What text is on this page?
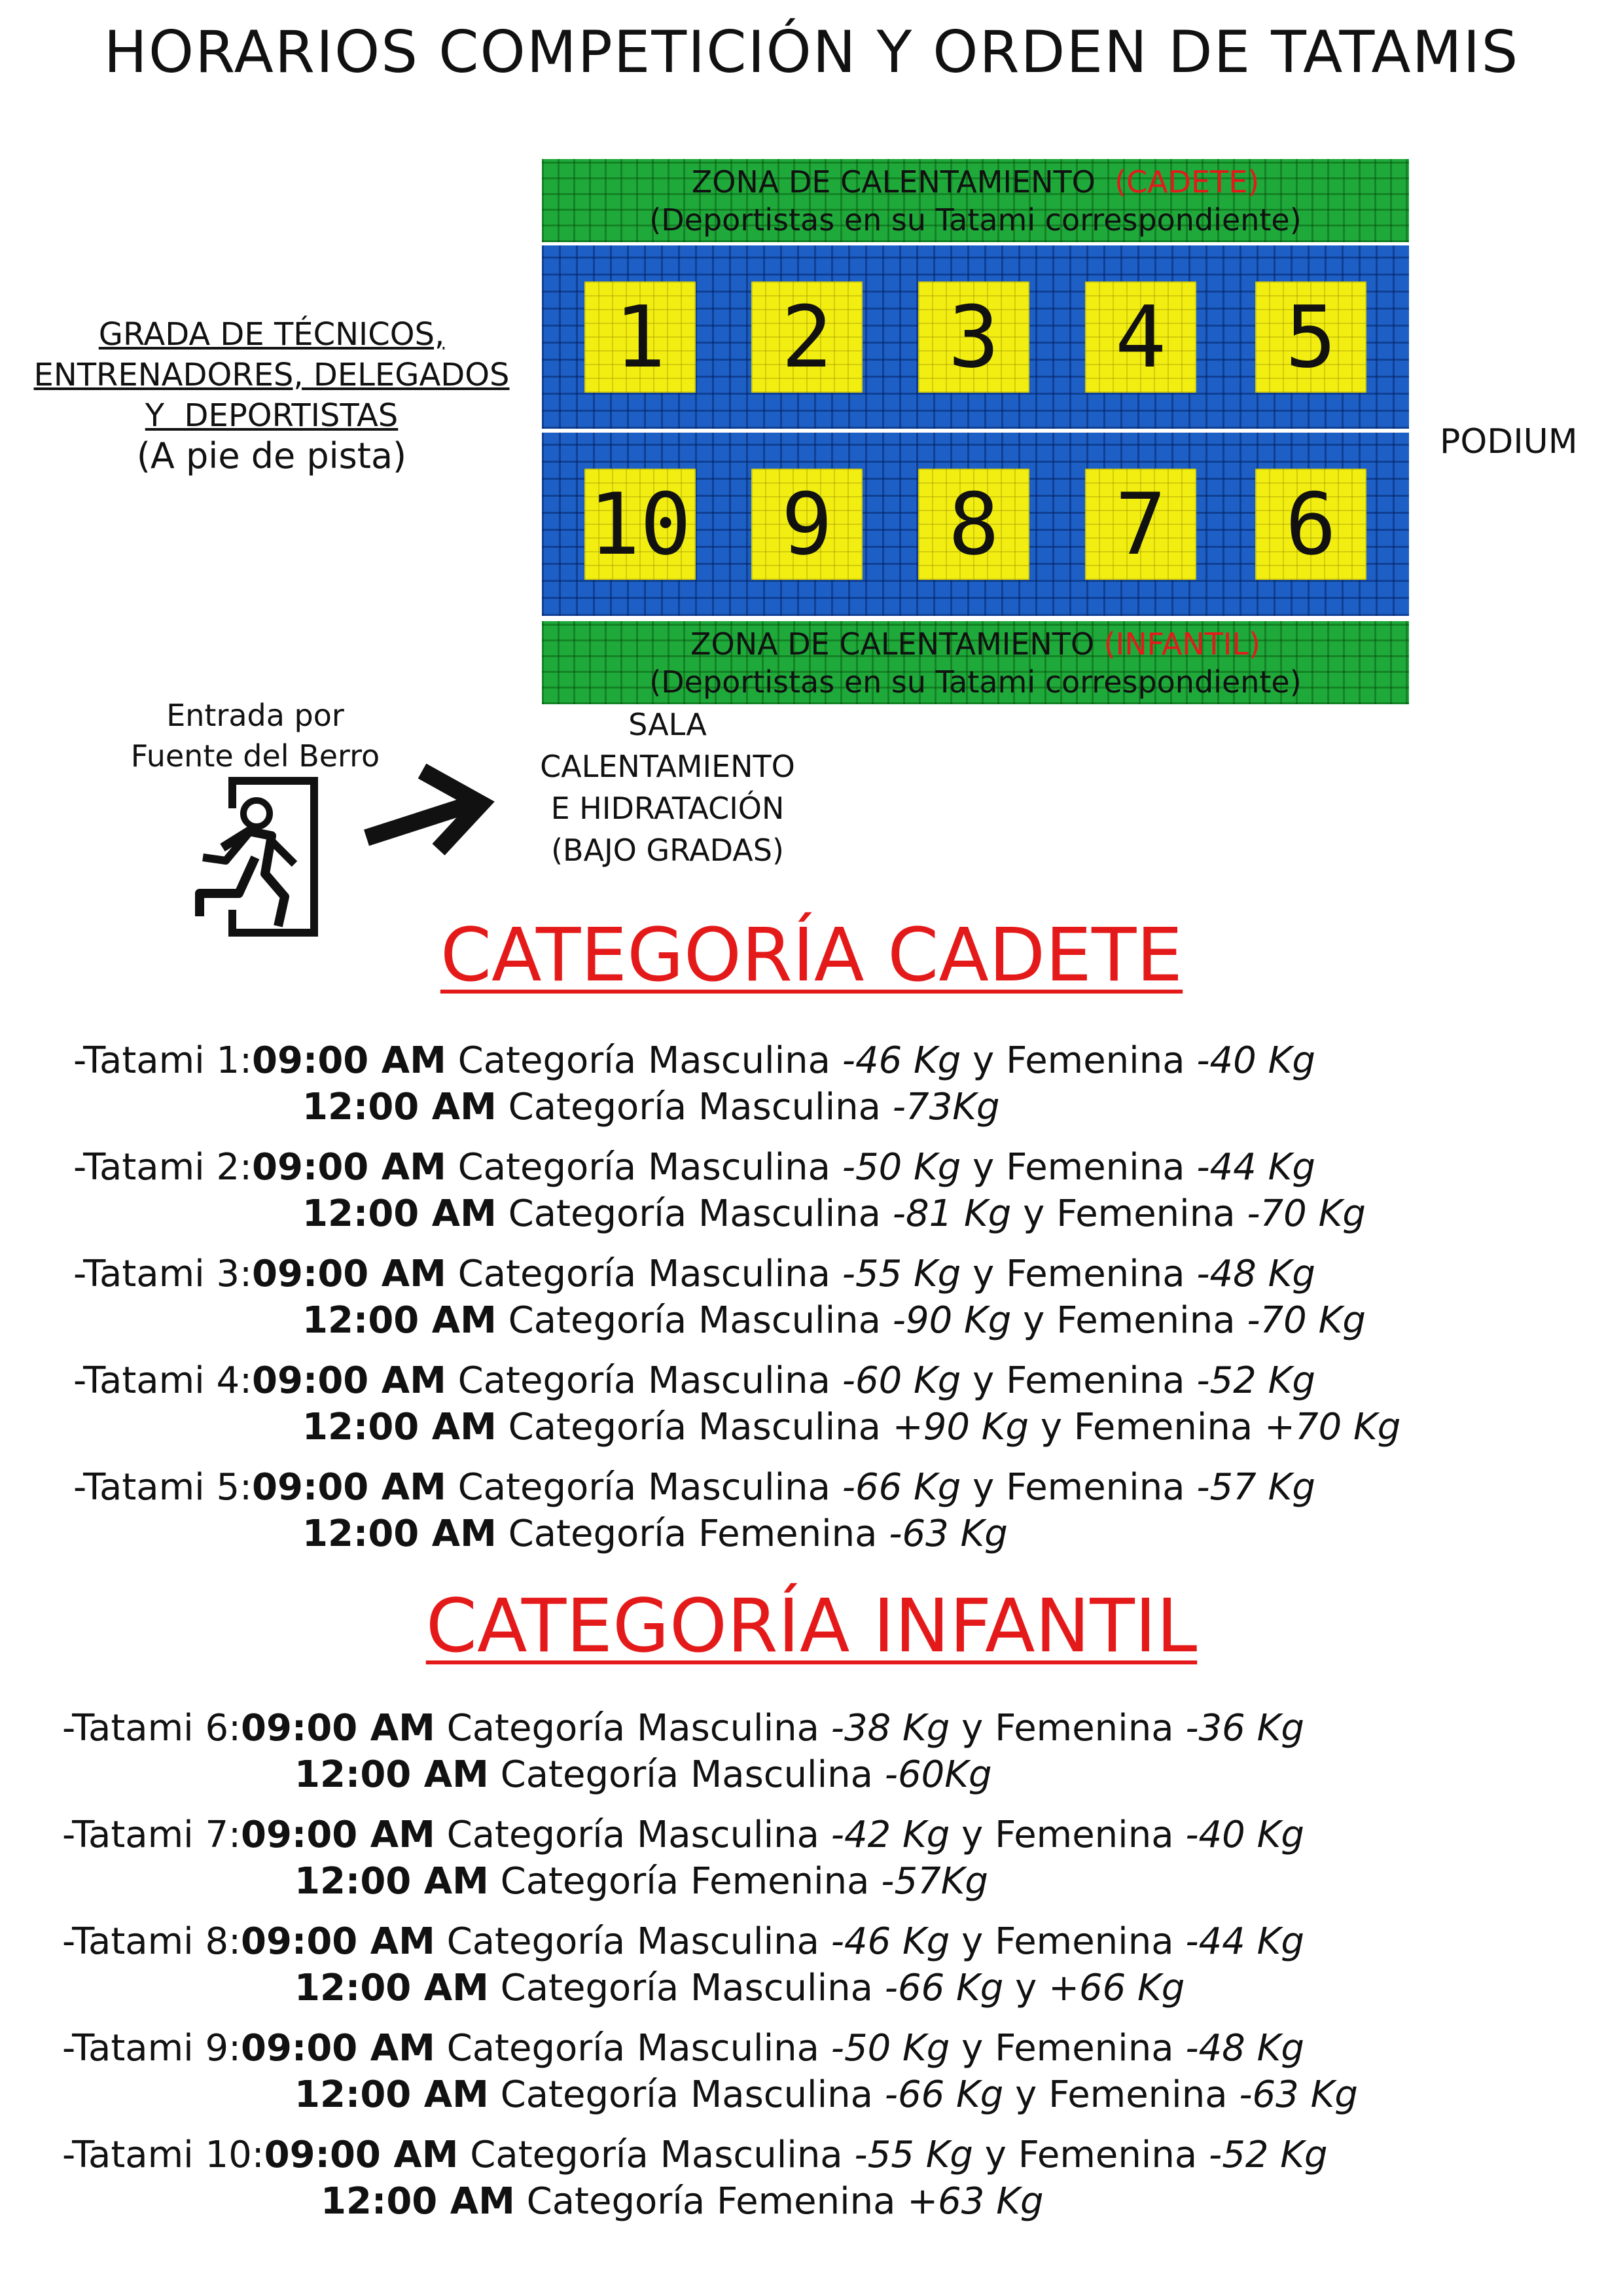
HORARIOS COMPETICIÓN Y ORDEN DE TATAMIS
ZONA DE CALENTAMIENTO (CADETE)
(Deportistas en su Tatami correspondiente)
1	2	3	4	5
10	9	8	7	6
ZONA DE CALENTAMIENTO (INFANTIL)
(Deportistas en su Tatami correspondiente)
GRADA DE TÉCNICOS,
ENTRENADORES, DELEGADOS
Y  DEPORTISTAS
(A pie de pista)	PODIUM
Entrada por
Fuente del Berro
SALA
CALENTAMIENTO
E HIDRATACIÓN
(BAJO GRADAS)
CATEGORÍA CADETE
-Tatami 1:09:00 AM Categoría Masculina -46 Kg y Femenina -40 Kg
12:00 AM Categoría Masculina -73Kg
-Tatami 2:09:00 AM Categoría Masculina -50 Kg y Femenina -44 Kg
12:00 AM Categoría Masculina -81 Kg y Femenina -70 Kg
-Tatami 3:09:00 AM Categoría Masculina -55 Kg y Femenina -48 Kg
12:00 AM Categoría Masculina -90 Kg y Femenina -70 Kg
-Tatami 4:09:00 AM Categoría Masculina -60 Kg y Femenina -52 Kg
12:00 AM Categoría Masculina +90 Kg y Femenina +70 Kg
-Tatami 5:09:00 AM Categoría Masculina -66 Kg y Femenina -57 Kg
12:00 AM Categoría Femenina -63 Kg
CATEGORÍA INFANTIL
-Tatami 6:09:00 AM Categoría Masculina -38 Kg y Femenina -36 Kg
12:00 AM Categoría Masculina -60Kg
-Tatami 7:09:00 AM Categoría Masculina -42 Kg y Femenina -40 Kg
12:00 AM Categoría Femenina -57Kg
-Tatami 8:09:00 AM Categoría Masculina -46 Kg y Femenina -44 Kg
12:00 AM Categoría Masculina -66 Kg y +66 Kg
-Tatami 9:09:00 AM Categoría Masculina -50 Kg y Femenina -48 Kg
12:00 AM Categoría Masculina -66 Kg y Femenina -63 Kg
-Tatami 10:09:00 AM Categoría Masculina -55 Kg y Femenina -52 Kg
12:00 AM Categoría Femenina +63 Kg
